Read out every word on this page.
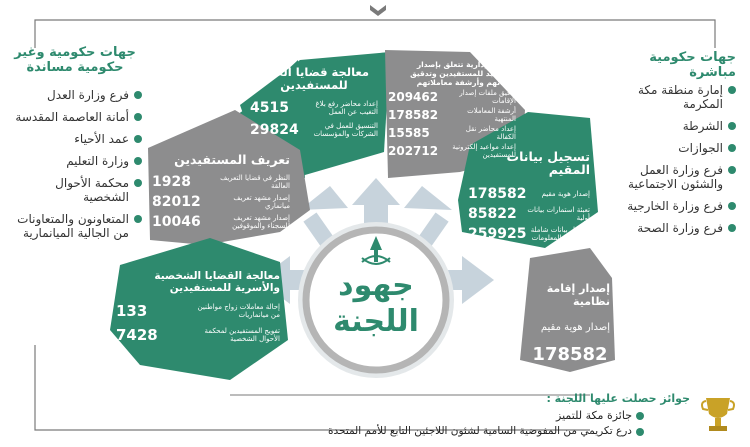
جهود
اللجنة
جهات حكومية مباشرة
إمارة منطقة مكة المكرمة
الشرطة
الجوازات
فرع وزارة العمل والشئون الاجتماعية
فرع وزارة الخارجية
فرع وزارة الصحة
جهات حكومية وغير حكومية مساندة
فرع وزارة العدل
أمانة العاصمة المقدسة
عمد الأحياء
وزارة التعليم
محكمة الأحوال الشخصية
المتعاونون والمتعاونات من الجالية الميانمارية
معالجة قضايا العمل للمستفيدين
إعداد محاضر رفع بلاغ التغيب عن العمل
4515
التنسيق للعمل في الشركات والمؤسسات
29824
عمليات إدارية تتعلق بإصدار المواعيد للمستفيدين وتدقيق ملفاتهم وأرشفة معاملاتهم
تدقيق ملفات إصدار الإقامات
209462
أرشفة المعاملات المنتهية
178582
إعداد محاضر نقل الكفالة
15585
إعداد مواعيد إلكترونية للمستفيدين
202712
تعريف المستفيدين
النظر في قضايا التعريف العالقة
1928
إصدار مشهد تعريف ميانماري
82012
إصدار مشهد تعريف للسجناء والموقوفين
10046
تسجيل بيانات المقيم
إصدار هوية مقيم
178582
تعبئة استمارات بيانات أولية
85822
تسجيل بيانات شاملة في مركز المعلومات
259925
معالجة القضايا الشخصية والأسرية للمستفيدين
إحالة معاملات زواج مواطنين من ميانماريات
133
تفويج المستفيدين لمحكمة الأحوال الشخصية
7428
إصدار إقامة نظامية
إصدار هوية مقيم
178582
جوائز حصلت عليها اللجنة :
جائزة مكة للتميز
درع تكريمي من المفوضية السامية لشئون اللاجئين التابع للأمم المتحدة
